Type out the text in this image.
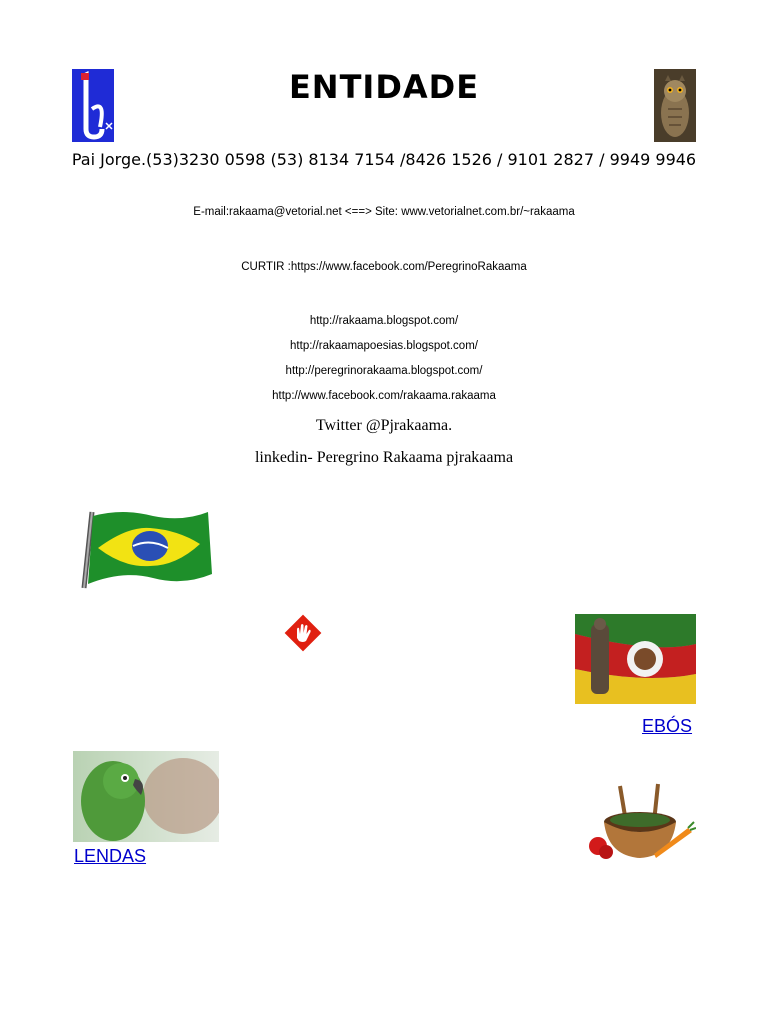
ENTIDADE
Pai Jorge.(53)3230 0598 (53) 8134 7154 /8426 1526 / 9101 2827 / 9949 9946
E-mail:rakaama@vetorial.net <==> Site: www.vetorialnet.com.br/~rakaama
CURTIR :https://www.facebook.com/PeregrinoRakaama
http://rakaama.blogspot.com/
http://rakaamapoesias.blogspot.com/
http://peregrinorakaama.blogspot.com/
http://www.facebook.com/rakaama.rakaama
Twitter @Pjrakaama.
linkedin- Peregrino Rakaama pjrakaama
EBÓS
LENDAS
